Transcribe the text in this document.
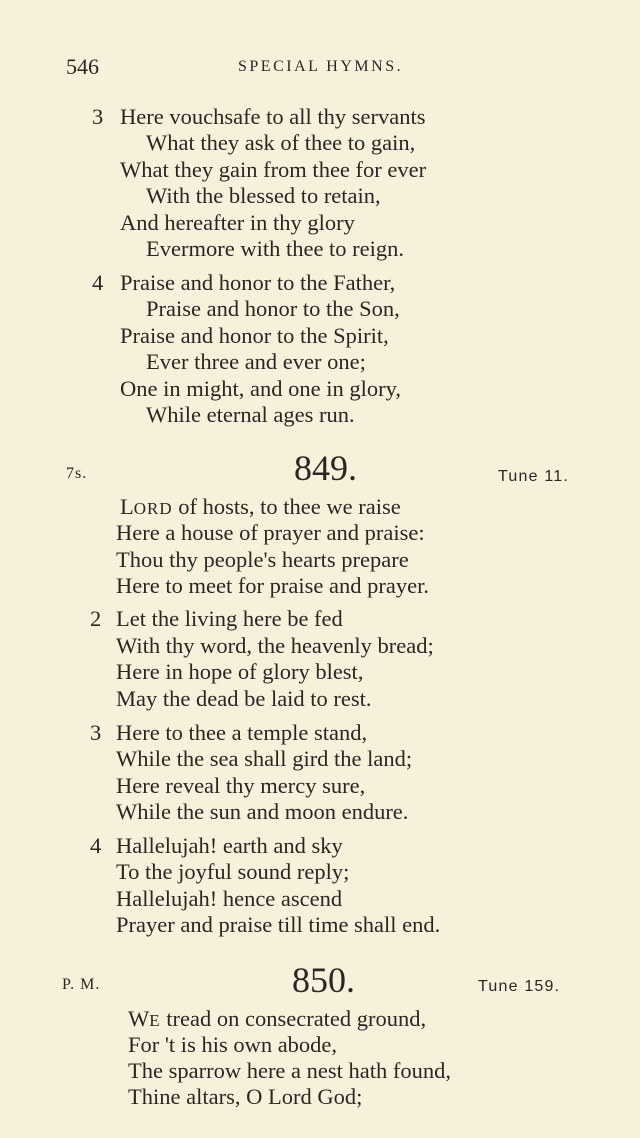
546	SPECIAL HYMNS.
3 Here vouchsafe to all thy servants
What they ask of thee to gain,
What they gain from thee for ever
With the blessed to retain,
And hereafter in thy glory
Evermore with thee to reign.
4 Praise and honor to the Father,
Praise and honor to the Son,
Praise and honor to the Spirit,
Ever three and ever one;
One in might, and one in glory,
While eternal ages run.
7s.	849.	Tune 11.
LORD of hosts, to thee we raise
Here a house of prayer and praise:
Thou thy people's hearts prepare
Here to meet for praise and prayer.
2 Let the living here be fed
With thy word, the heavenly bread;
Here in hope of glory blest,
May the dead be laid to rest.
3 Here to thee a temple stand,
While the sea shall gird the land;
Here reveal thy mercy sure,
While the sun and moon endure.
4 Hallelujah! earth and sky
To the joyful sound reply;
Hallelujah! hence ascend
Prayer and praise till time shall end.
P. M.	850.	Tune 159.
WE tread on consecrated ground,
For 't is his own abode,
The sparrow here a nest hath found,
Thine altars, O Lord God;
